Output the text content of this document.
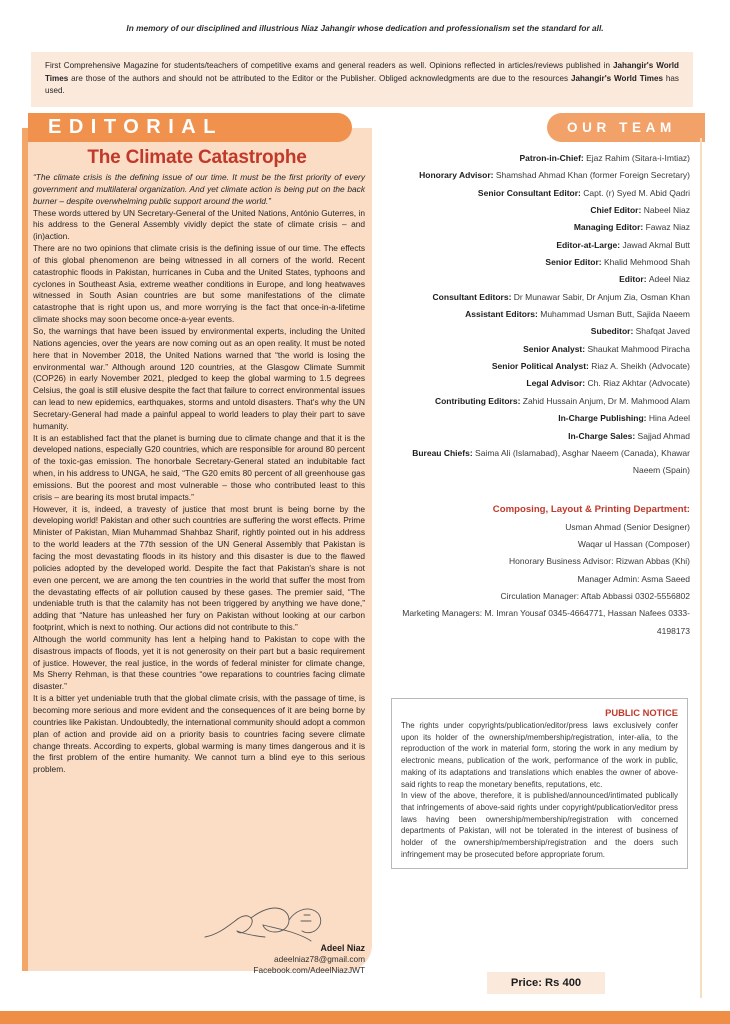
In memory of our disciplined and illustrious Niaz Jahangir whose dedication and professionalism set the standard for all.
First Comprehensive Magazine for students/teachers of competitive exams and general readers as well. Opinions reflected in articles/reviews published in Jahangir's World Times are those of the authors and should not be attributed to the Editor or the Publisher. Obliged acknowledgments are due to the resources Jahangir's World Times has used.
EDITORIAL
The Climate Catastrophe

“The climate crisis is the defining issue of our time. It must be the first priority of every government and multilateral organization. And yet climate action is being put on the back burner – despite overwhelming public support around the world.”

These words uttered by UN Secretary-General of the United Nations, António Guterres, in his address to the General Assembly vividly depict the state of climate crisis – and (in)action.

There are no two opinions that climate crisis is the defining issue of our time. The effects of this global phenomenon are being witnessed in all corners of the world. Recent catastrophic floods in Pakistan, hurricanes in Cuba and the United States, typhoons and cyclones in Southeast Asia, extreme weather conditions in Europe, and long heatwaves witnessed in South Asian countries are but some manifestations of the climate catastrophe that is right upon us, and more worrying is the fact that once-in-a-lifetime climate shocks may soon become once-a-year events.

So, the warnings that have been issued by environmental experts, including the United Nations agencies, over the years are now coming out as an open reality. It must be noted here that in November 2018, the United Nations warned that “the world is losing the environmental war.” Although around 120 countries, at the Glasgow Climate Summit (COP26) in early November 2021, pledged to keep the global warming to 1.5 degrees Celsius, the goal is still elusive despite the fact that failure to correct environmental issues can lead to new epidemics, earthquakes, storms and untold disasters. That's why the UN Secretary-General had made a painful appeal to world leaders to play their part to save humanity.

It is an established fact that the planet is burning due to climate change and that it is the developed nations, especially G20 countries, which are responsible for around 80 percent of the toxic-gas emission. The honorbale Secretary-General stated an indubitable fact when, in his address to UNGA, he said, “The G20 emits 80 percent of all greenhouse gas emissions. But the poorest and most vulnerable – those who contributed least to this crisis – are bearing its most brutal impacts.”

However, it is, indeed, a travesty of justice that most brunt is being borne by the developing world! Pakistan and other such countries are suffering the worst effects. Prime Minister of Pakistan, Mian Muhammad Shahbaz Sharif, rightly pointed out in his address to the world leaders at the 77th session of the UN General Assembly that Pakistan is facing the most devastating floods in its history and this disaster is due to the flawed policies adopted by the developed world. Despite the fact that Pakistan's share is not even one percent, we are among the ten countries in the world that suffer the most from the devastating effects of air pollution caused by these gases. The premier said, “The undeniable truth is that the calamity has not been triggered by anything we have done,” adding that “Nature has unleashed her fury on Pakistan without looking at our carbon footprint, which is next to nothing. Our actions did not contribute to this.”

Although the world community has lent a helping hand to Pakistan to cope with the disastrous impacts of floods, yet it is not generosity on their part but a basic requirement of justice. However, the real justice, in the words of federal minister for climate change, Ms Sherry Rehman, is that these countries “owe reparations to countries facing climate disaster.”

It is a bitter yet undeniable truth that the global climate crisis, with the passage of time, is becoming more serious and more evident and the consequences of it are being borne by countries like Pakistan. Undoubtedly, the international community should adopt a common plan of action and provide aid on a priority basis to countries facing severe climate change threats. According to experts, global warming is many times dangerous and it is the first problem of the entire humanity. We cannot turn a blind eye to this serious problem.

Adeel Niaz
adeelniaz78@gmail.com
Facebook.com/AdeelNiazJWT
OUR TEAM
Patron-in-Chief: Ejaz Rahim (Sitara-i-Imtiaz)
Honorary Advisor: Shamshad Ahmad Khan (former Foreign Secretary)
Senior Consultant Editor: Capt. (r) Syed M. Abid Qadri
Chief Editor: Nabeel Niaz
Managing Editor: Fawaz Niaz
Editor-at-Large: Jawad Akmal Butt
Senior Editor: Khalid Mehmood Shah
Editor: Adeel Niaz
Consultant Editors: Dr Munawar Sabir, Dr Anjum Zia, Osman Khan
Assistant Editors: Muhammad Usman Butt, Sajida Naeem
Subeditor: Shafqat Javed
Senior Analyst: Shaukat Mahmood Piracha
Senior Political Analyst: Riaz A. Sheikh (Advocate)
Legal Advisor: Ch. Riaz Akhtar (Advocate)
Contributing Editors: Zahid Hussain Anjum, Dr M. Mahmood Alam
In-Charge Publishing: Hina Adeel
In-Charge Sales: Sajjad Ahmad
Bureau Chiefs: Saima Ali (Islamabad), Asghar Naeem (Canada), Khawar Naeem (Spain)
Composing, Layout & Printing Department:
Usman Ahmad (Senior Designer)
Waqar ul Hassan (Composer)
Honorary Business Advisor: Rizwan Abbas (Khi)
Manager Admin: Asma Saeed
Circulation Manager: Aftab Abbassi 0302-5556802
Marketing Managers: M. Imran Yousaf 0345-4664771, Hassan Nafees 0333-4198173
PUBLIC NOTICE

The rights under copyrights/publication/editor/press laws exclusively confer upon its holder of the ownership/membership/registration, inter-alia, to the reproduction of the work in material form, storing the work in any medium by electronic means, publication of the work, performance of the work in public, making of its adaptations and translations which enables the owner of above-said rights to reap the monetary benefits, reputations, etc.

In view of the above, therefore, it is published/announced/intimated publically that infringements of above-said rights under copyright/publication/editor press laws having been ownership/membership/registration with concerned departments of Pakistan, will not be tolerated in the interest of business of holder of the ownership/membership/registration and the doers such infringement may be prosecuted before appropriate forum.

Price: Rs 400
